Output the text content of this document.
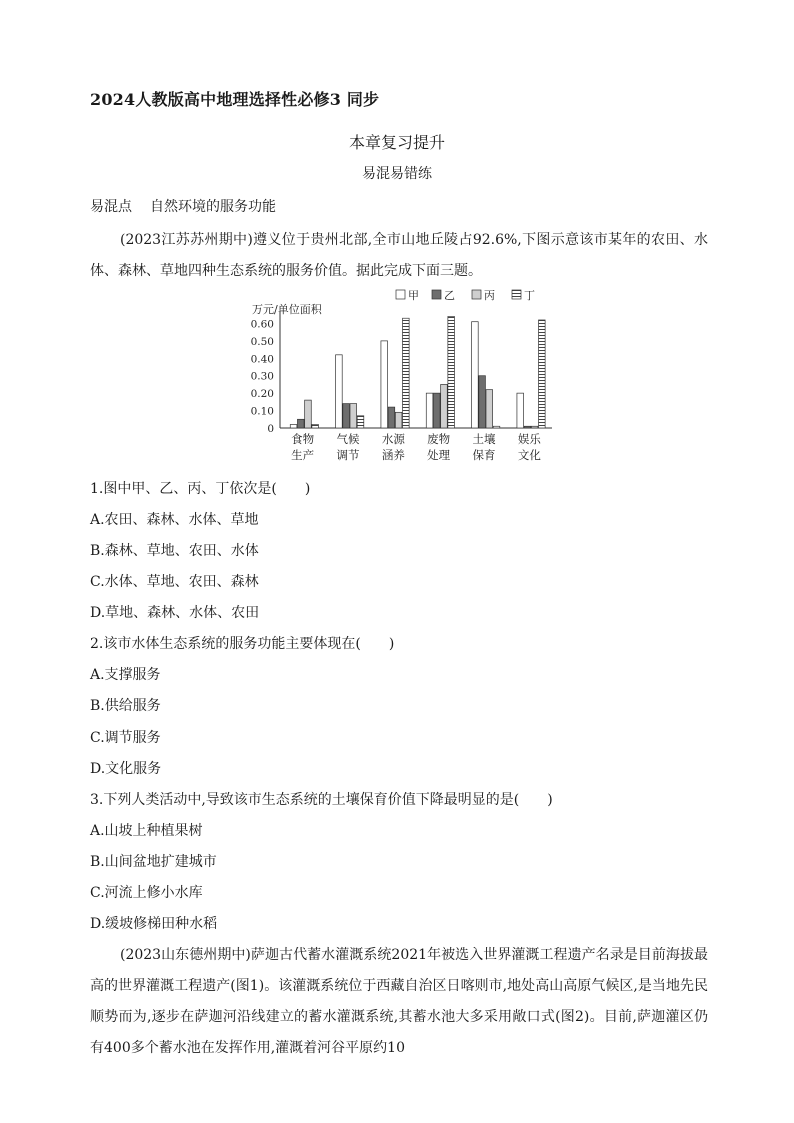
2024人教版高中地理选择性必修3 同步
本章复习提升
易混易错练
易混点 自然环境的服务功能
(2023江苏苏州期中)遵义位于贵州北部,全市山地丘陵占92.6%,下图示意该市某年的农田、水体、森林、草地四种生态系统的服务价值。据此完成下面三题。
万元/单位面积
0.60
0.50
0.40
0.30
0.20
0.10
0
食物
生产
气候
调节
水源
涵养
废物
处理
土壤
保育
娱乐
文化
甲 乙	丙	丁
1.图中甲、乙、丙、丁依次是(　　)
A.农田、森林、水体、草地
B.森林、草地、农田、水体
C.水体、草地、农田、森林
D.草地、森林、水体、农田
2.该市水体生态系统的服务功能主要体现在(　　)
A.支撑服务
B.供给服务
C.调节服务
D.文化服务
3.下列人类活动中,导致该市生态系统的土壤保育价值下降最明显的是(　　)
A.山坡上种植果树
B.山间盆地扩建城市
C.河流上修小水库
D.缓坡修梯田种水稻
(2023山东德州期中)萨迦古代蓄水灌溉系统2021年被选入世界灌溉工程遗产名录是目前海拔最高的世界灌溉工程遗产(图1)。该灌溉系统位于西藏自治区日喀则市,地处高山高原气候区,是当地先民顺势而为,逐步在萨迦河沿线建立的蓄水灌溉系统,其蓄水池大多采用敞口式(图2)。目前,萨迦灌区仍有400多个蓄水池在发挥作用,灌溉着河谷平原约10
